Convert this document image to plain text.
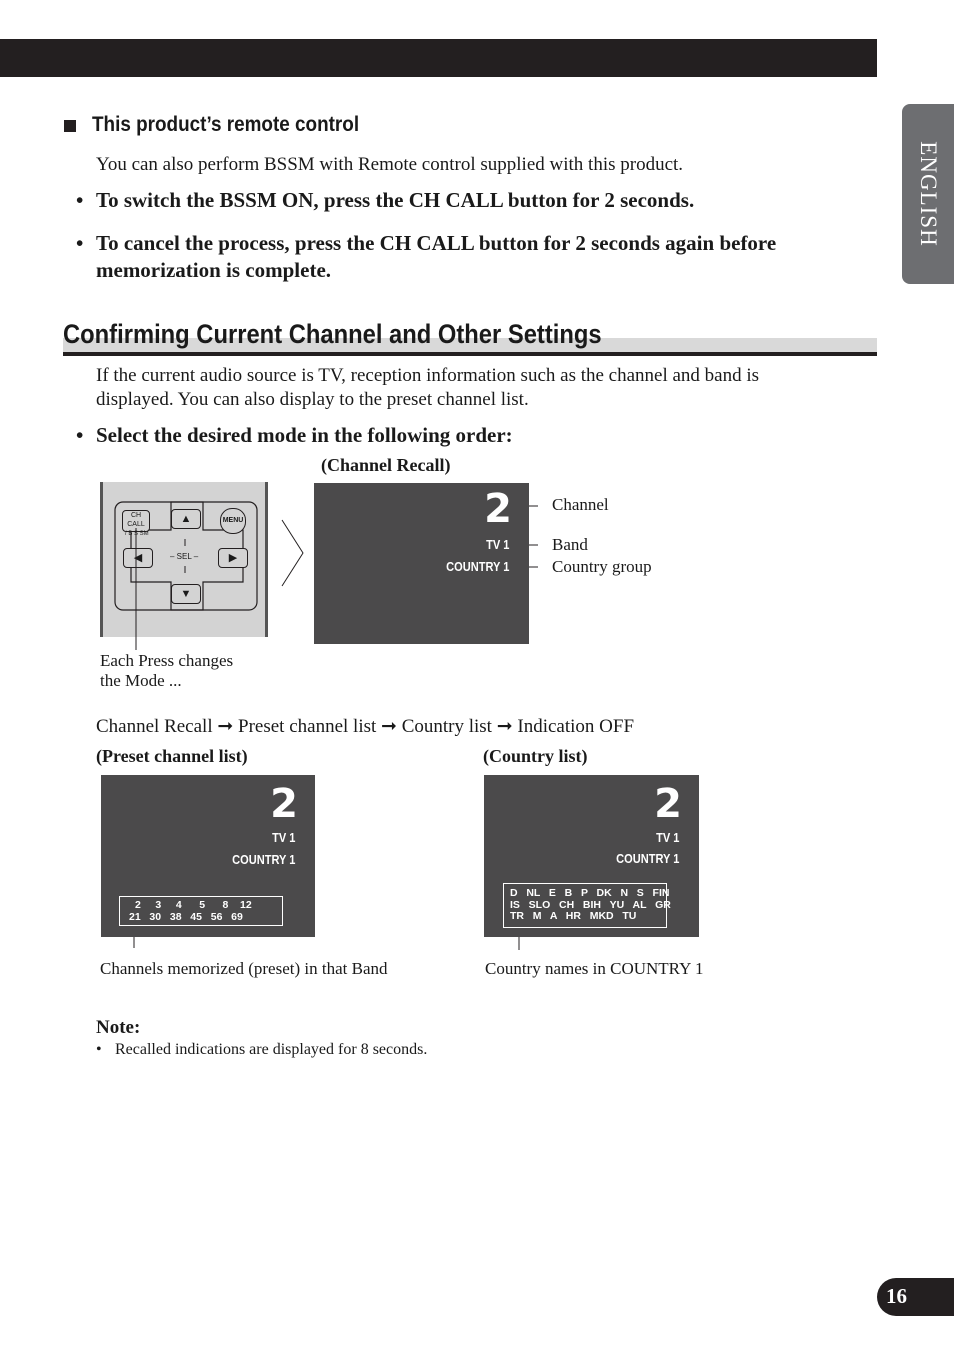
ENGLISH
This product’s remote control
You can also perform BSSM with Remote control supplied with this product.
• To switch the BSSM ON, press the CH CALL button for 2 seconds.
• To cancel the process, press the CH CALL button for 2 seconds again before
memorization is complete.
Confirming Current Channel and Other Settings
If the current audio source is TV, reception information such as the channel and band is
displayed. You can also display to the preset channel list.
• Select the desired mode in the following order:
(Channel Recall)
CH
CALL
/ B S SM
▲	MENU
◀	– SEL –	▶
▼
Each Press changes
the Mode ...
2
TV 1
COUNTRY 1
Channel
Band
Country group
Channel Recall ➞ Preset channel list ➞ Country list ➞ Indication OFF
(Preset channel list)
2
TV 1
COUNTRY 1
2     3     4      5      8    12
21   30   38   45   56   69
Channels memorized (preset) in that Band
(Country list)
2
TV 1
COUNTRY 1
D   NL   E   B   P   DK   N   S   FIN
IS   SLO   CH   BIH   YU   AL   GR
TR   M   A   HR   MKD   TU
Country names in COUNTRY 1
Note:
• Recalled indications are displayed for 8 seconds.
16
